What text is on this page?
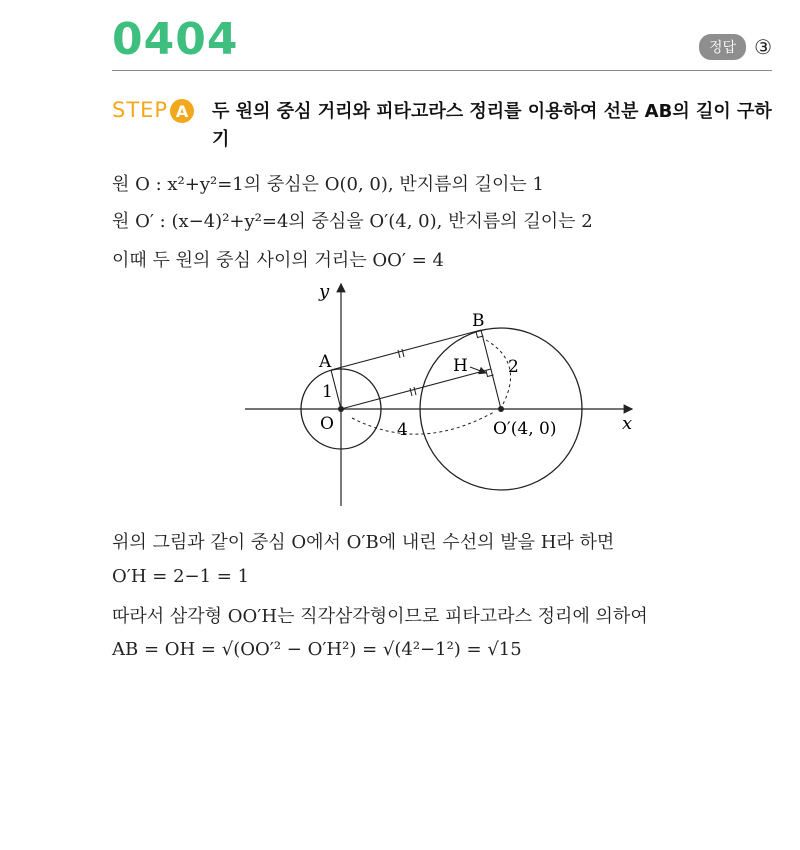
0404	정답 ③
STEP A 두 원의 중심 거리와 피타고라스 정리를 이용하여 선분 AB의 길이 구하기
원 O : x²+y²=1의 중심은 O(0, 0), 반지름의 길이는 1
원 O′ : (x−4)²+y²=4의 중심을 O′(4, 0), 반지름의 길이는 2
이때 두 원의 중심 사이의 거리는 OO′ = 4
y
x
O
A
B
H
O′(4, 0)
1
2
4
위의 그림과 같이 중심 O에서 O′B에 내린 수선의 발을 H라 하면
O′H = 2−1 = 1
따라서 삼각형 OO′H는 직각삼각형이므로 피타고라스 정리에 의하여
AB = OH = √(OO′² − O′H²) = √(4²−1²) = √15
